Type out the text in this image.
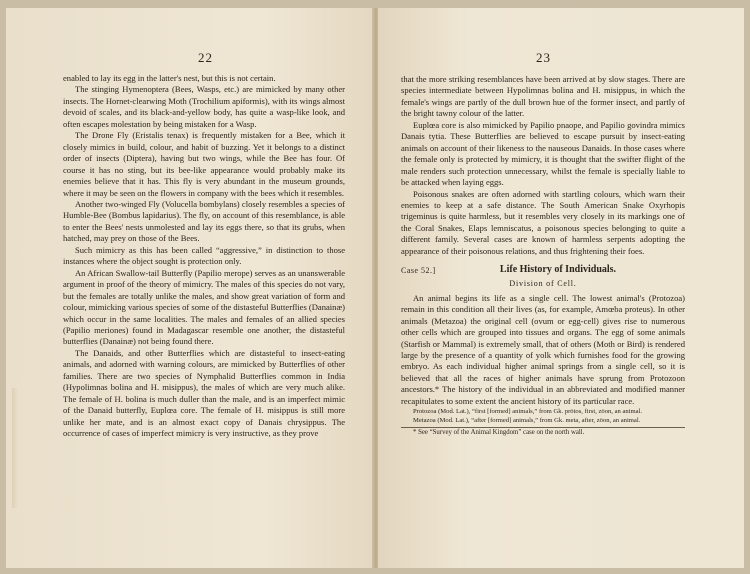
22

enabled to lay its egg in the latter's nest, but this is not certain.

The stinging Hymenoptera (Bees, Wasps, etc.) are mimicked by many other insects. The Hornet-clearwing Moth (Trochilium apiformis), with its wings almost devoid of scales, and its black-and-yellow body, has quite a wasp-like look, and often escapes molestation by being mistaken for a Wasp.

The Drone Fly (Eristalis tenax) is frequently mistaken for a Bee, which it closely mimics in build, colour, and habit of buzzing. Yet it belongs to a distinct order of insects (Diptera), having but two wings, while the Bee has four. Of course it has no sting, but its bee-like appearance would probably make its enemies believe that it has. This fly is very abundant in the museum grounds, where it may be seen on the flowers in company with the bees which it resembles.

Another two-winged Fly (Volucella bombylans) closely resembles a species of Humble-Bee (Bombus lapidarius). The fly, on account of this resemblance, is able to enter the Bees' nests unmolested and lay its eggs there, so that its grubs, when hatched, may prey on those of the Bees.

Such mimicry as this has been called “aggressive,” in distinction to those instances where the object sought is protection only.

An African Swallow-tail Butterfly (Papilio merope) serves as an unanswerable argument in proof of the theory of mimicry. The males of this species do not vary, but the females are totally unlike the males, and show great variation of form and colour, mimicking various species of some of the distasteful Butterflies (Danainæ) which occur in the same localities. The males and females of an allied species (Papilio meriones) found in Madagascar resemble one another, the distasteful butterflies (Danainæ) not being found there.

The Danaids, and other Butterflies which are distasteful to insect-eating animals, and adorned with warning colours, are mimicked by Butterflies of other families. There are two species of Nymphalid Butterflies common in India (Hypolimnas bolina and H. misippus), the males of which are very much alike. The female of H. bolina is much duller than the male, and is an imperfect mimic of the Danaid butterfly, Euplœa core. The female of H. misippus is still more unlike her mate, and is an almost exact copy of Danais chrysippus. The occurrence of cases of imperfect mimicry is very instructive, as they prove

23

that the more striking resemblances have been arrived at by slow stages. There are species intermediate between Hypolimnas bolina and H. misippus, in which the female's wings are partly of the dull brown hue of the former insect, and partly of the bright tawny colour of the latter.

Euplœa core is also mimicked by Papilio pnaope, and Papilio govindra mimics Danais tytia. These Butterflies are believed to escape pursuit by insect-eating animals on account of their likeness to the nauseous Danaids. In those cases where the female only is protected by mimicry, it is thought that the swifter flight of the male renders such protection unnecessary, whilst the female is specially liable to be attacked when laying eggs.

Poisonous snakes are often adorned with startling colours, which warn their enemies to keep at a safe distance. The South American Snake Oxyrhopis trigeminus is quite harmless, but it resembles very closely in its markings one of the Coral Snakes, Elaps lemniscatus, a poisonous species belonging to quite a different family. Several cases are known of harmless serpents adopting the appearance of their poisonous relations, and thus frightening their foes.

Case 52.]	Life History of Individuals.
Division of Cell.

An animal begins its life as a single cell. The lowest animal's (Protozoa) remain in this condition all their lives (as, for example, Amœba proteus). In other animals (Metazoa) the original cell (ovum or egg-cell) gives rise to numerous other cells which are grouped into tissues and organs. The egg of some animals (Starfish or Mammal) is extremely small, that of others (Moth or Bird) is rendered large by the presence of a quantity of yolk which furnishes food for the growing embryo. As each individual higher animal springs from a single cell, so it is believed that all the races of higher animals have sprung from Protozoon ancestors.* The history of the individual in an abbreviated and modified manner recapitulates to some extent the ancient history of its particular race.

Protozoa (Mod. Lat.), “first [formed] animals,” from Gk. prōtos, first, zōon, an animal.

Metazoa (Mod. Lat.), “after [formed] animals,” from Gk. meta, after, zōon, an animal.

* See “Survey of the Animal Kingdom” case on the north wall.
